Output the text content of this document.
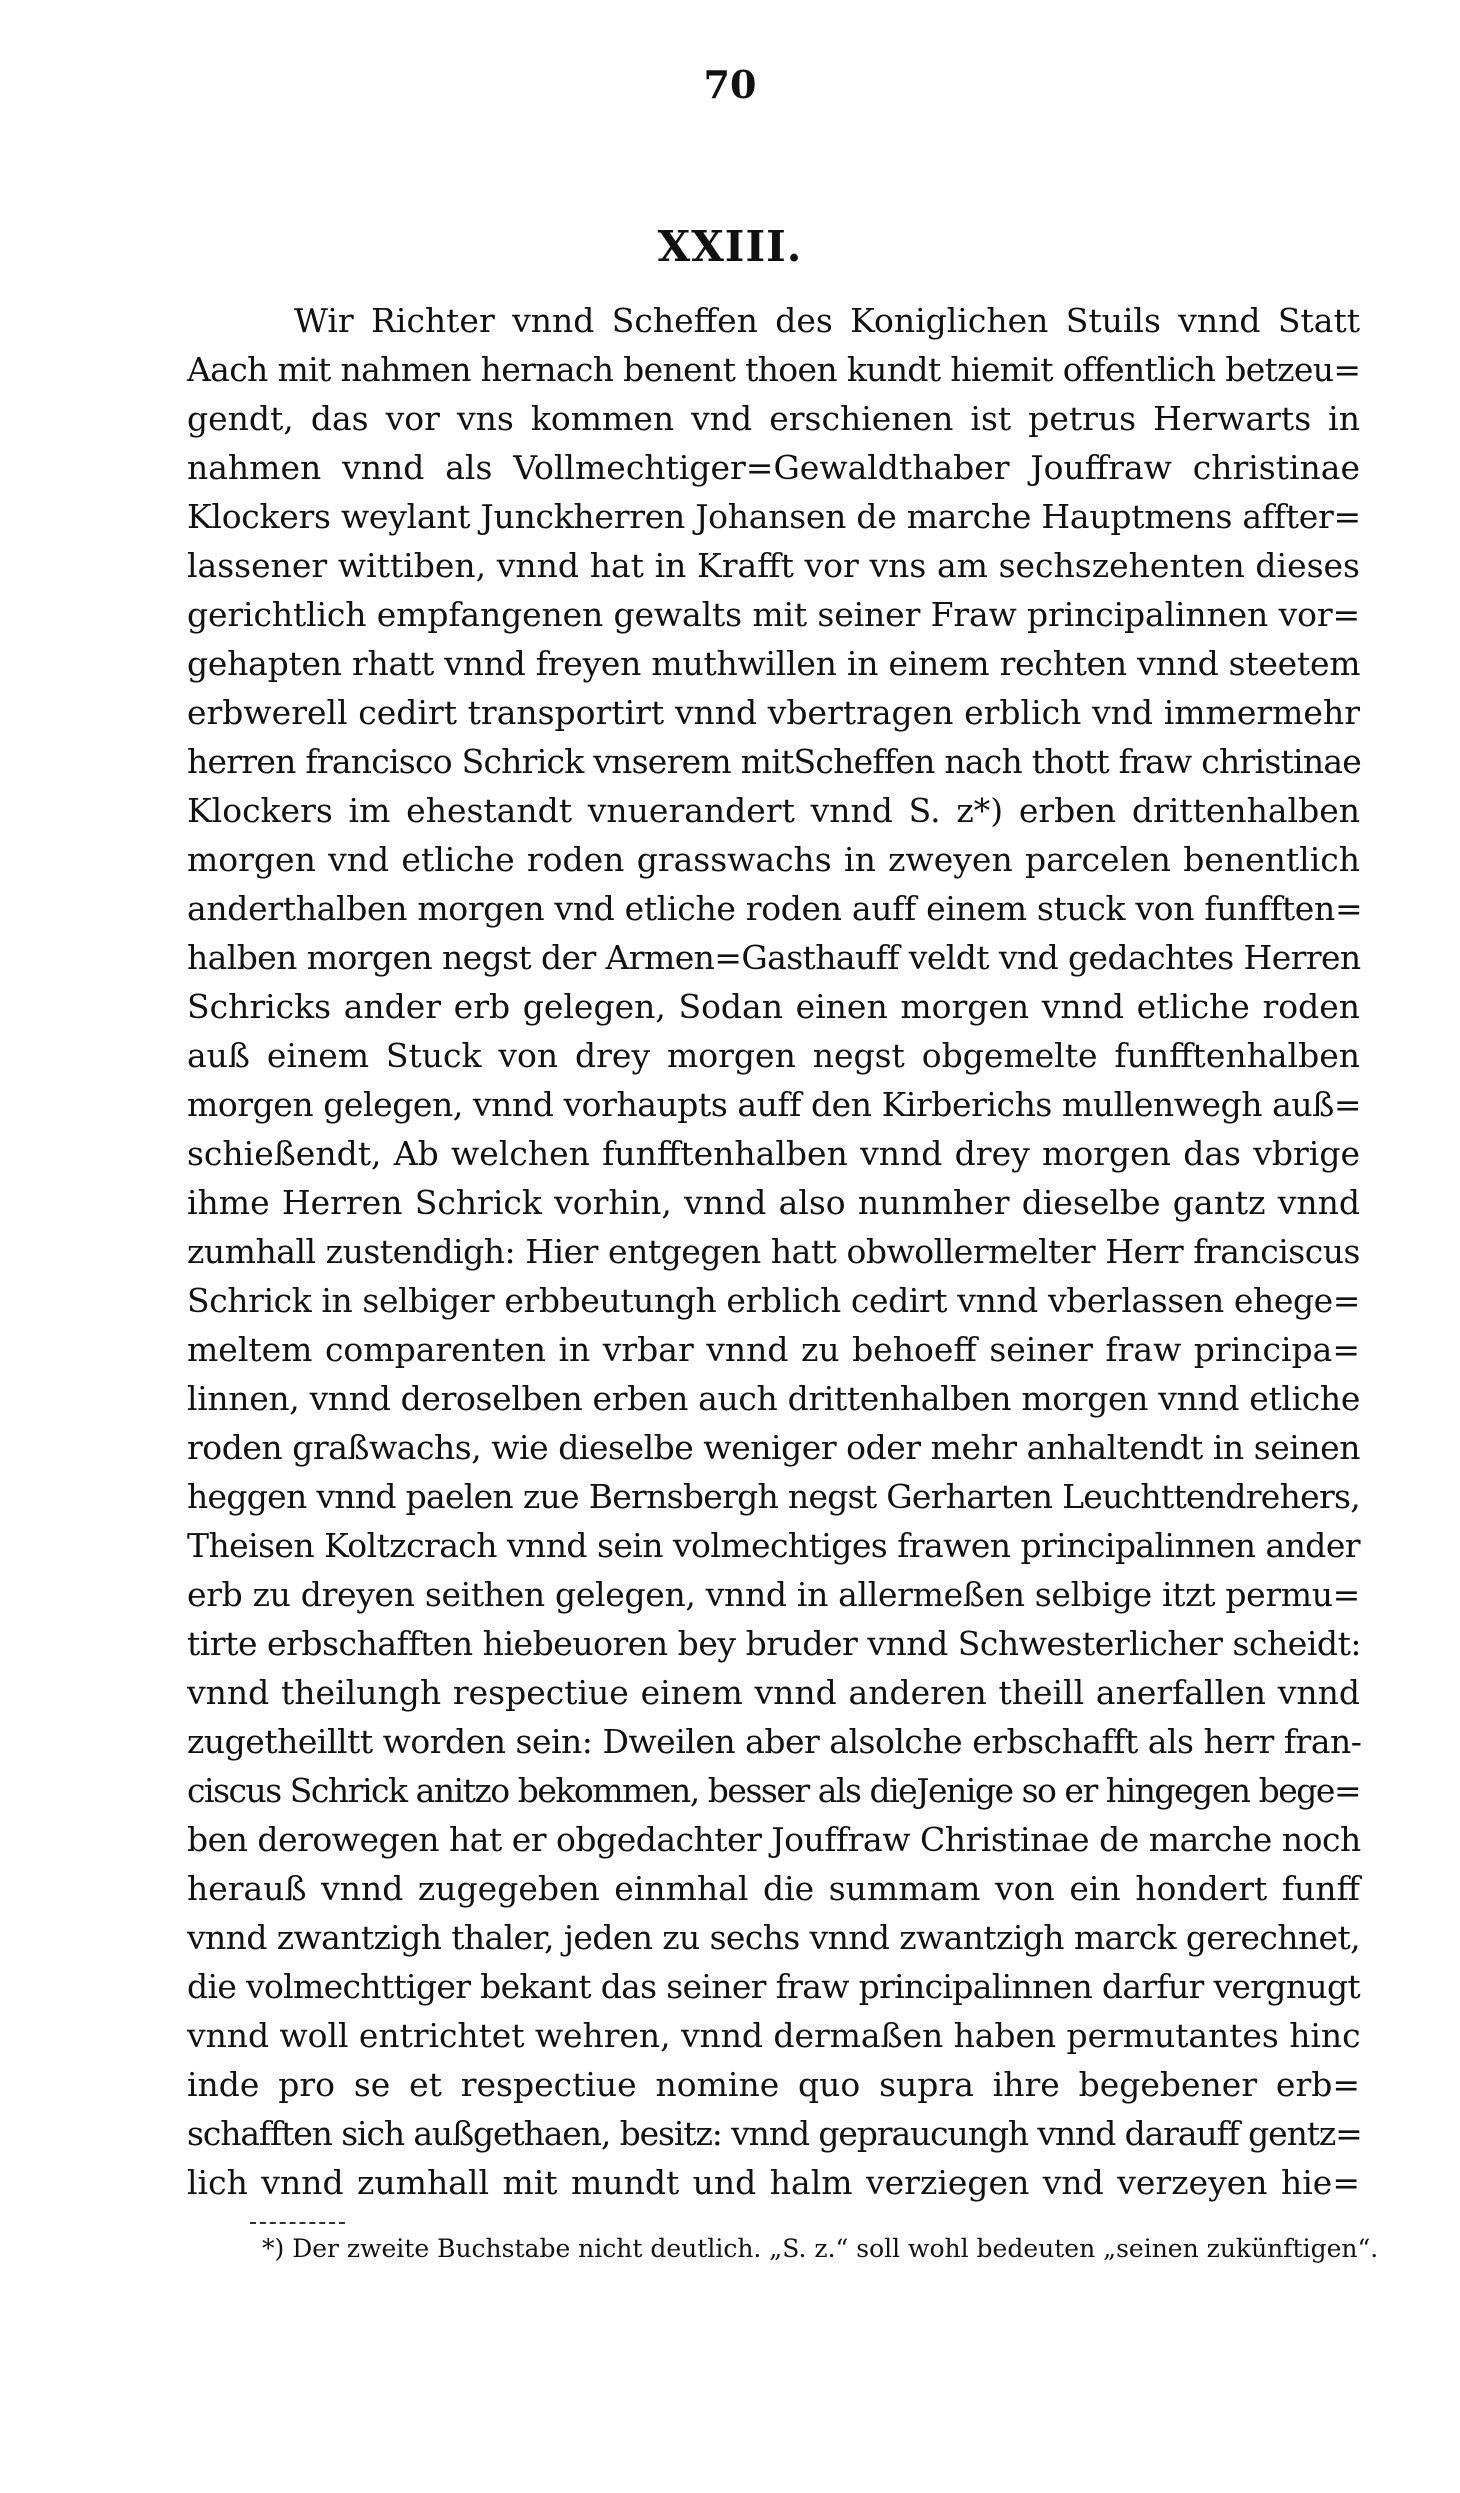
70
XXIII.
Wir Richter vnnd Scheffen des Koniglichen Stuils vnnd Statt
Aach mit nahmen hernach benent thoen kundt hiemit offentlich betzeu=
gendt, das vor vns kommen vnd erschienen ist petrus Herwarts in
nahmen vnnd als Vollmechtiger=Gewaldthaber Jouffraw christinae
Klockers weylant Junckherren Johansen de marche Hauptmens affter=
lassener wittiben, vnnd hat in Krafft vor vns am sechszehenten dieses
gerichtlich empfangenen gewalts mit seiner Fraw principalinnen vor=
gehapten rhatt vnnd freyen muthwillen in einem rechten vnnd steetem
erbwerell cedirt transportirt vnnd vbertragen erblich vnd immermehr
herren francisco Schrick vnserem mitScheffen nach thott fraw christinae
Klockers im ehestandt vnuerandert vnnd S. z*) erben drittenhalben
morgen vnd etliche roden grasswachs in zweyen parcelen benentlich
anderthalben morgen vnd etliche roden auff einem stuck von funfften=
halben morgen negst der Armen=Gasthauff veldt vnd gedachtes Herren
Schricks ander erb gelegen, Sodan einen morgen vnnd etliche roden
auß einem Stuck von drey morgen negst obgemelte funfftenhalben
morgen gelegen, vnnd vorhaupts auff den Kirberichs mullenwegh auß=
schießendt, Ab welchen funfftenhalben vnnd drey morgen das vbrige
ihme Herren Schrick vorhin, vnnd also nunmher dieselbe gantz vnnd
zumhall zustendigh: Hier entgegen hatt obwollermelter Herr franciscus
Schrick in selbiger erbbeutungh erblich cedirt vnnd vberlassen ehege=
meltem comparenten in vrbar vnnd zu behoeff seiner fraw principa=
linnen, vnnd deroselben erben auch drittenhalben morgen vnnd etliche
roden graßwachs, wie dieselbe weniger oder mehr anhaltendt in seinen
heggen vnnd paelen zue Bernsbergh negst Gerharten Leuchttendrehers,
Theisen Koltzcrach vnnd sein volmechtiges frawen principalinnen ander
erb zu dreyen seithen gelegen, vnnd in allermeßen selbige itzt permu=
tirte erbschafften hiebeuoren bey bruder vnnd Schwesterlicher scheidt:
vnnd theilungh respectiue einem vnnd anderen theill anerfallen vnnd
zugetheilltt worden sein: Dweilen aber alsolche erbschafft als herr fran-
ciscus Schrick anitzo bekommen, besser als dieJenige so er hingegen bege=
ben derowegen hat er obgedachter Jouffraw Christinae de marche noch
herauß vnnd zugegeben einmhal die summam von ein hondert funff
vnnd zwantzigh thaler, jeden zu sechs vnnd zwantzigh marck gerechnet,
die volmechttiger bekant das seiner fraw principalinnen darfur vergnugt
vnnd woll entrichtet wehren, vnnd dermaßen haben permutantes hinc
inde pro se et respectiue nomine quo supra ihre begebener erb=
schafften sich außgethaen, besitz: vnnd gepraucungh vnnd darauff gentz=
lich vnnd zumhall mit mundt und halm verziegen vnd verzeyen hie=
*) Der zweite Buchstabe nicht deutlich. „S. z.“ soll wohl bedeuten „seinen zukünftigen“.
